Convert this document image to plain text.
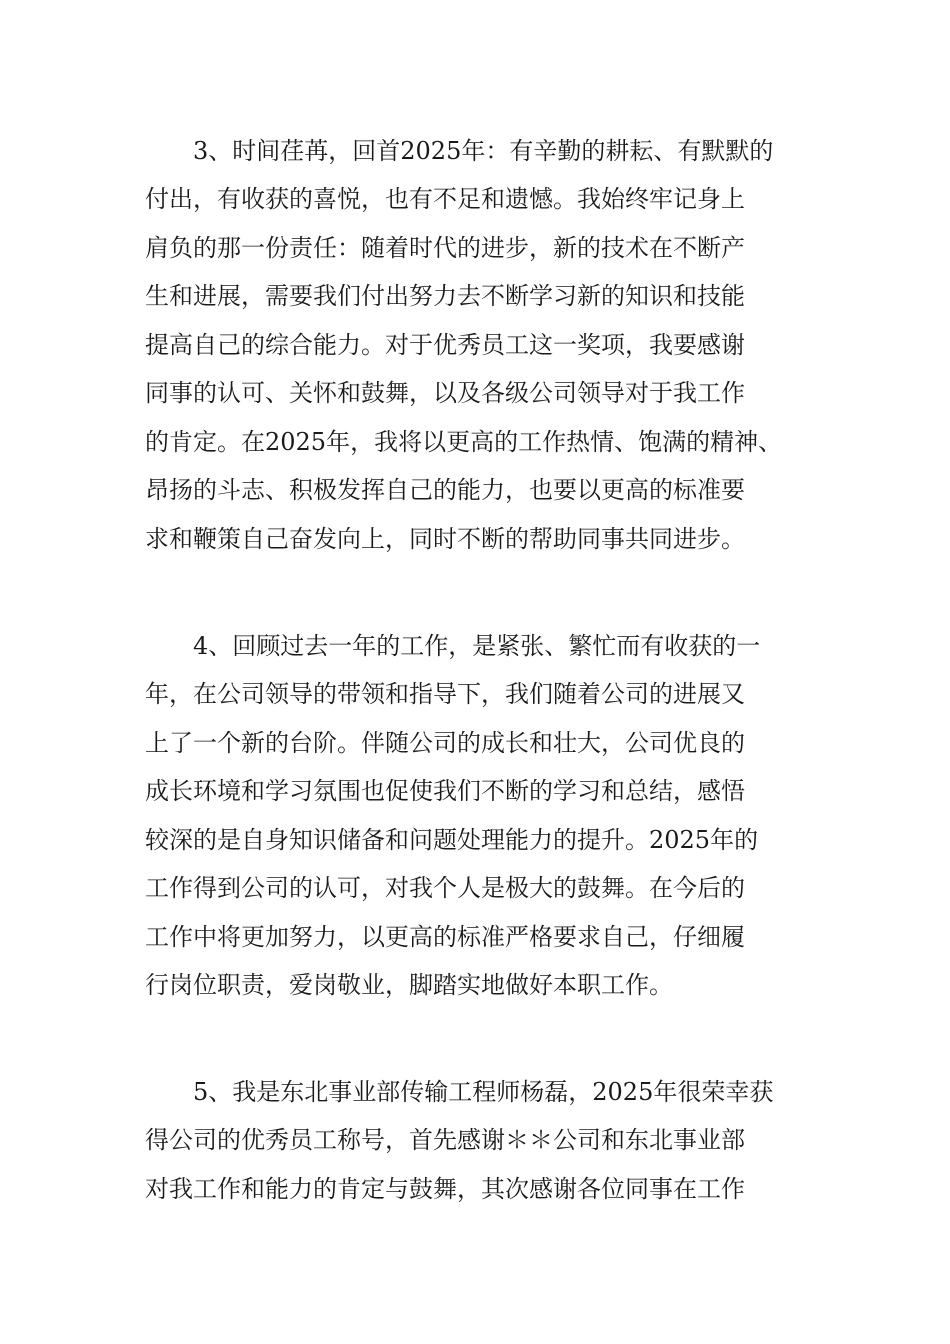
3、时间荏苒，回首2025年：有辛勤的耕耘、有默默的
付出，有收获的喜悦，也有不足和遗憾。我始终牢记身上
肩负的那一份责任：随着时代的进步，新的技术在不断产
生和进展，需要我们付出努力去不断学习新的知识和技能
提高自己的综合能力。对于优秀员工这一奖项，我要感谢
同事的认可、关怀和鼓舞，以及各级公司领导对于我工作
的肯定。在2025年，我将以更高的工作热情、饱满的精神、
昂扬的斗志、积极发挥自己的能力，也要以更高的标准要
求和鞭策自己奋发向上，同时不断的帮助同事共同进步。
4、回顾过去一年的工作，是紧张、繁忙而有收获的一
年，在公司领导的带领和指导下，我们随着公司的进展又
上了一个新的台阶。伴随公司的成长和壮大，公司优良的
成长环境和学习氛围也促使我们不断的学习和总结，感悟
较深的是自身知识储备和问题处理能力的提升。2025年的
工作得到公司的认可，对我个人是极大的鼓舞。在今后的
工作中将更加努力，以更高的标准严格要求自己，仔细履
行岗位职责，爱岗敬业，脚踏实地做好本职工作。
5、我是东北事业部传输工程师杨磊，2025年很荣幸获
得公司的优秀员工称号，首先感谢＊＊公司和东北事业部
对我工作和能力的肯定与鼓舞，其次感谢各位同事在工作
